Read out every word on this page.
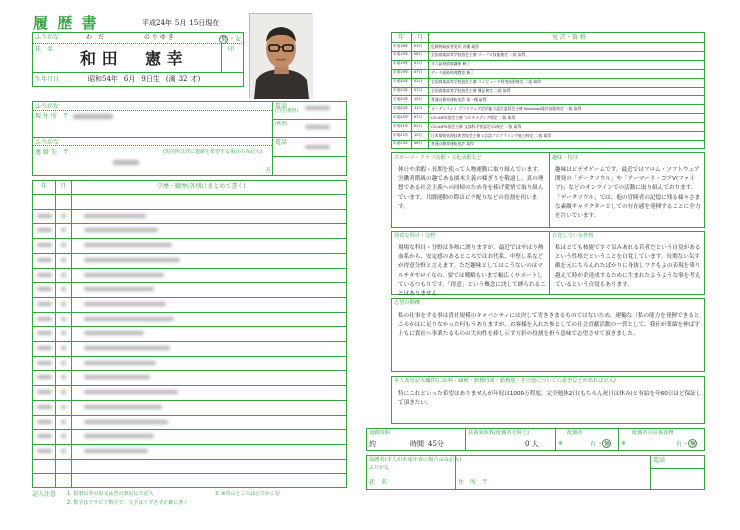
履 歴 書	平成24年 5月 15日現在
ふりがな	わ　だ	の り ゆ き	男 ・ 女
氏　名 和 田 憲 幸	印
生年月日	昭和54年 6月 9日生 (満 32 才)
ふりがな
現 住 所　〒
ふりがな
連 絡 先　〒	(現住所以外に連絡を希望する場合のみ記入)
電話
(自宅/携帯)
(携帯)
電話
方
年 月	学歴・職歴(各別にまとめて書く)
記入注意 1. 鉛筆以外の黒又は青の筆記具で記入
2. 数字はアラビア数字で、文字はくずさず正確に書く
3. ※印のところは○でかこむ
年 月	免 許・資 格
平成18年 03月 危険物取扱者免状 丙種 取得
平成19年 06月 全国商業高等学校協会主催 ワープロ技能検定 二級 取得
平成19年 07月 オス高校情報講座 修了
平成19年 07月 データ高級料理教室 修了
平成20年 02月 全国商業高等学校協会主催 コンピュータ利用技術検定 二級 取得
平成20年 07月 全国商業高等学校協会主催 簿記検定 二級 取得
平成20年 10月 普通自動車運転免許 第一種 取得
平成20年 11月 オーディファイ ソフトウェア活用能力認定委員会主催 Windows操作技能検定 一級 取得
平成20年 07月 CG-ARTS協会主催 マルチメディア検定 二級 取得
平成21年 02月 CG-ARTS協会主催 文部科学省認定CG検定 二級 取得
平成22年 10月 日本情報処理技術者協会主催 C言語プログラミング能力検定 二級 取得
平成23年 06月 普通自動車運転免許 取得
スポーツ・クラブ活動・文化活動など
休日や余暇・長期を使って人物運動に取り組んでいます。労働者階級の趣である園木主義の様ぎりを敬遠し、真の理想である社会主義への回帰のため身を捧げ愛情で取り組んでいます。共闘運動の際はビラ配りなどの役割を担います。
趣味・特技
趣味はビデオゲームです。最近ではフロム・ソフトウェア開発の「デークソウル」や「アーマード・コアV(ファイブ)」などのオンラインでの活動に取り組んでおります。「デークソウル」では、他の冒険者の記憶に残る様々さまな素敵キャラクターとしての存在感を発揮することに全力を注いでいます。
得意な科目・分野
現場な科目・分野は多岐に渡りますが、最近ではやはり熱血系から、安定感のあるところではお代系、中堅し系などが得意分野と言えます。ただ趣味としてはこうないのはマルチタやロイなの、要では戦略もいまで幅広くサポートしているつもりです。「得意」という概念に決して縛られることはありません。
自覚している性格
私はとても核能ですぐ気みあれる若者だという自覚があるという性格だということを自覚しています。長期ない気す敵を元にちろんれたばかりに身抜しワクもよの表現を乗り越えて時が企達成するために生まれたようような事を考えているという自覚もあります。
志望の動機
私の仕事をする事は貴社規模のキャパシティには決して劣ききまるものではないため、運輸な（私の能力を発揮できるところかはに足りなかった何もうありますが、お客様を入れた参としての社会貢献活動の一貫として、我社が業績を伸ばす上もに貴社へ事業たるものの大向性を捧し示す方針の役割を担う意味で志望させて頂きました。
本人希望記入欄(特に給料・職種・勤務時間・勤務地・その他についての希望などがあれば記入)
特にこれといった希望はありませんが年収は1000万程度、完全週休2日(もちろん祝日は休み)と有給を年60日ほど保証して頂きたい。
通勤時間
約	時間 45分
扶養家族数(配偶者を除く)
0 人
配偶者
※	有 ・ 無
配偶者の扶養義務
※	有 ・ 無
保護者(本人が未成年者の場合のみ記入)
ふりがな
氏　名	住　所　〒
電話
